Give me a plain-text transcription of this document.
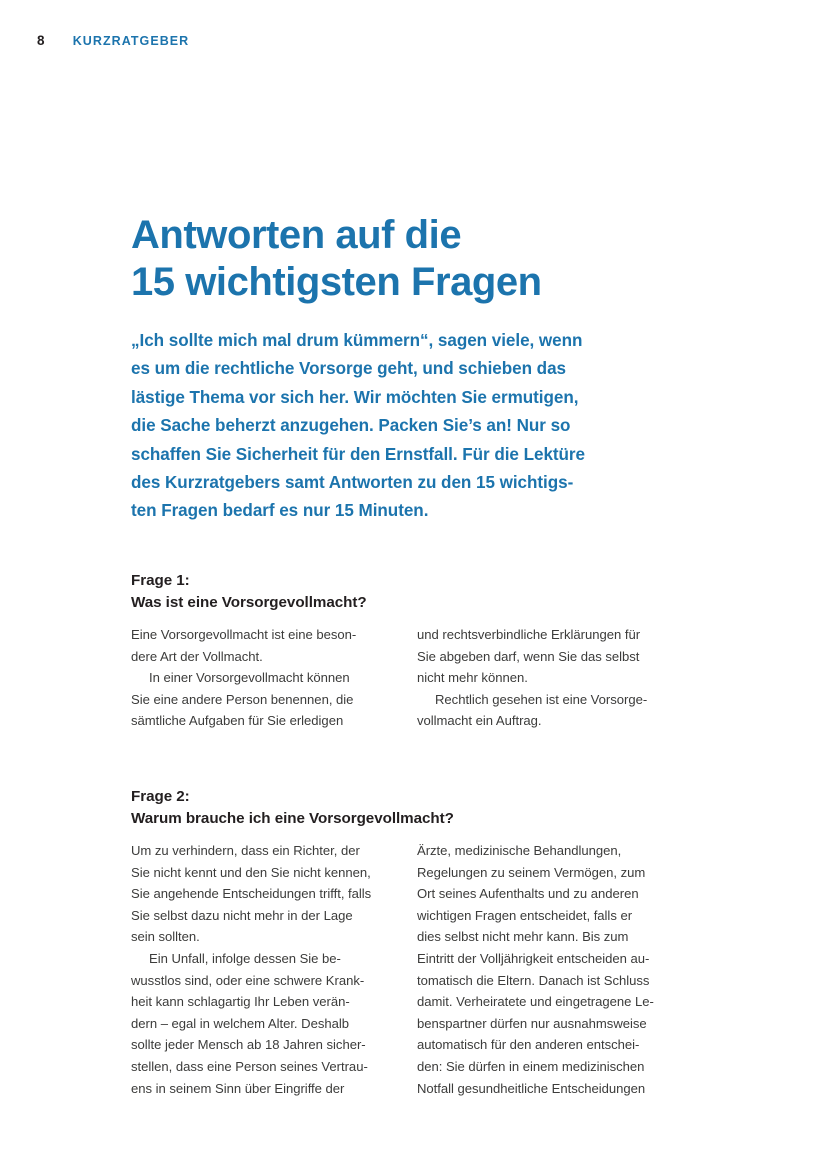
8 KURZRATGEBER
Antworten auf die
15 wichtigsten Fragen

„Ich sollte mich mal drum kümmern“, sagen viele, wenn
es um die rechtliche Vorsorge geht, und schieben das
lästige Thema vor sich her. Wir möchten Sie ermutigen,
die Sache beherzt anzugehen. Packen Sie’s an! Nur so
schaffen Sie Sicherheit für den Ernstfall. Für die Lektüre
des Kurzratgebers samt Antworten zu den 15 wichtigs-
ten Fragen bedarf es nur 15 Minuten.

Frage 1:
Was ist eine Vorsorgevollmacht?
Eine Vorsorgevollmacht ist eine beson-
dere Art der Vollmacht.
In einer Vorsorgevollmacht können
Sie eine andere Person benennen, die
sämtliche Aufgaben für Sie erledigen
und rechtsverbindliche Erklärungen für
Sie abgeben darf, wenn Sie das selbst
nicht mehr können.
Rechtlich gesehen ist eine Vorsorge-
vollmacht ein Auftrag.
Frage 2:
Warum brauche ich eine Vorsorgevollmacht?
Um zu verhindern, dass ein Richter, der
Sie nicht kennt und den Sie nicht kennen,
Sie angehende Entscheidungen trifft, falls
Sie selbst dazu nicht mehr in der Lage
sein sollten.
Ein Unfall, infolge dessen Sie be-
wusstlos sind, oder eine schwere Krank-
heit kann schlagartig Ihr Leben verän-
dern – egal in welchem Alter. Deshalb
sollte jeder Mensch ab 18 Jahren sicher-
stellen, dass eine Person seines Vertrau-
ens in seinem Sinn über Eingriffe der
Ärzte, medizinische Behandlungen,
Regelungen zu seinem Vermögen, zum
Ort seines Aufenthalts und zu anderen
wichtigen Fragen entscheidet, falls er
dies selbst nicht mehr kann. Bis zum
Eintritt der Volljährigkeit entscheiden au-
tomatisch die Eltern. Danach ist Schluss
damit. Verheiratete und eingetragene Le-
benspartner dürfen nur ausnahmsweise
automatisch für den anderen entschei-
den: Sie dürfen in einem medizinischen
Notfall gesundheitliche Entscheidungen
